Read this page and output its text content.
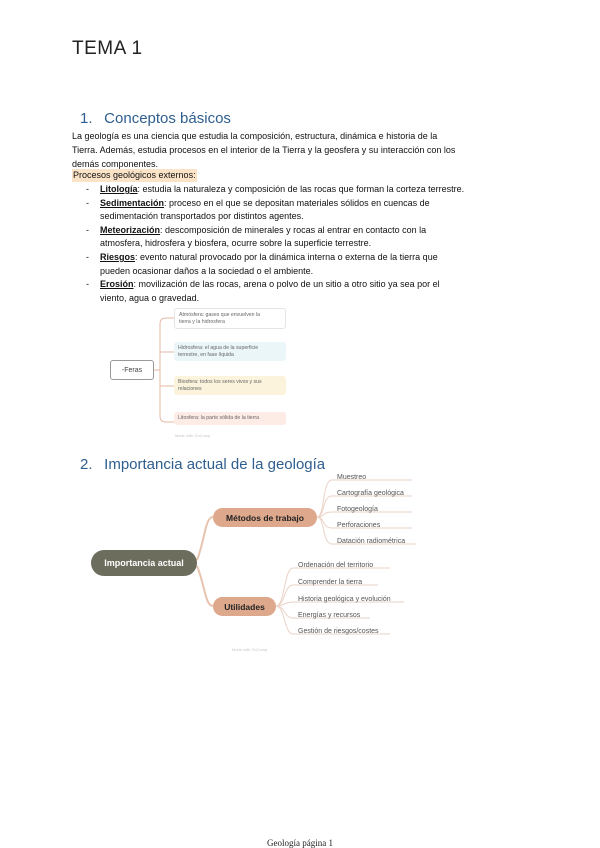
TEMA 1
1. Conceptos básicos
La geología es una ciencia que estudia la composición, estructura, dinámica e historia de la
Tierra. Además, estudia procesos en el interior de la Tierra y la geosfera y su interacción con los
demás componentes.
Procesos geológicos externos:
- Litología: estudia la naturaleza y composición de las rocas que forman la corteza terrestre.
- Sedimentación: proceso en el que se depositan materiales sólidos en cuencas de
sedimentación transportados por distintos agentes.
- Meteorización: descomposición de minerales y rocas al entrar en contacto con la
atmosfera, hidrosfera y biosfera, ocurre sobre la superficie terrestre.
- Riesgos: evento natural provocado por la dinámica interna o externa de la tierra que
pueden ocasionar daños a la sociedad o el ambiente.
- Erosión: movilización de las rocas, arena o polvo de un sitio a otro sitio ya sea por el
viento, agua o gravedad.
-Feras
Atmósfera: gases que envuelven la
tierra y la hidrosfera
Hidrosfera: el agua de la superficie
terrestre, en fase líquida
Biosfera: todos los seres vivos y sus
relaciones
Litosfera: la parte sólida de la tierra
Made with GoConqr
2. Importancia actual de la geología
Importancia actual
Métodos de trabajo
Utilidades
Muestreo
Cartografía geológica
Fotogeología
Perforaciones
Datación radiométrica
Ordenación del territorio
Comprender la tierra
Historia geológica y evolución
Energías y recursos
Gestión de riesgos/costes
Made with GoConqr
Geología página 1
